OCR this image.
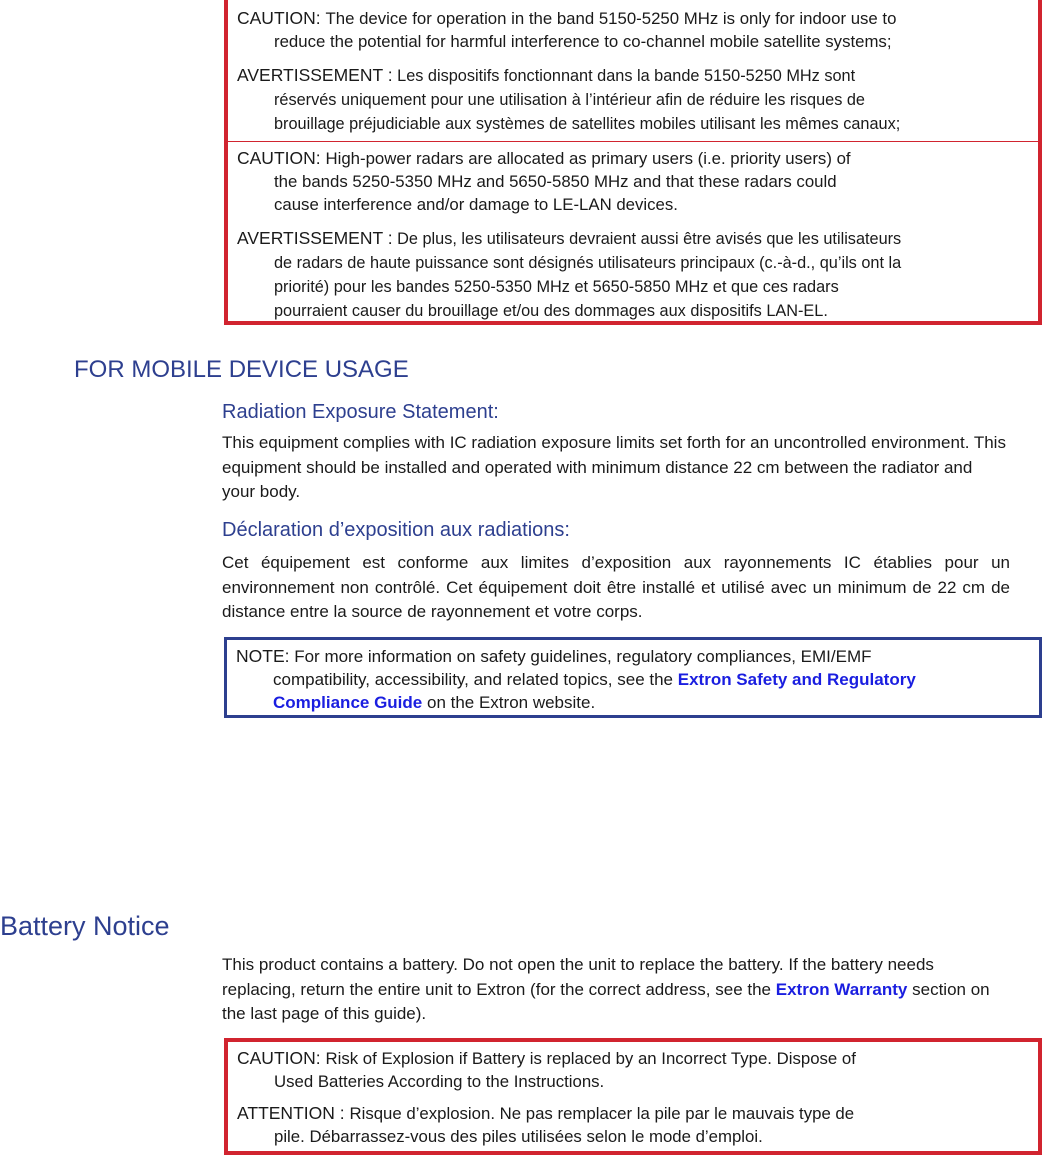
CAUTION: The device for operation in the band 5150-5250 MHz is only for indoor use to
reduce the potential for harmful interference to co-channel mobile satellite systems;
AVERTISSEMENT : Les dispositifs fonctionnant dans la bande 5150-5250 MHz sont
réservés uniquement pour une utilisation à l’intérieur afin de réduire les risques de
brouillage préjudiciable aux systèmes de satellites mobiles utilisant les mêmes canaux;
CAUTION: High-power radars are allocated as primary users (i.e. priority users) of
the bands 5250-5350 MHz and 5650-5850 MHz and that these radars could
cause interference and/or damage to LE-LAN devices.
AVERTISSEMENT : De plus, les utilisateurs devraient aussi être avisés que les utilisateurs
de radars de haute puissance sont désignés utilisateurs principaux (c.-à-d., qu’ils ont la
priorité) pour les bandes 5250-5350 MHz et 5650-5850 MHz et que ces radars
pourraient causer du brouillage et/ou des dommages aux dispositifs LAN-EL.
FOR MOBILE DEVICE USAGE
Radiation Exposure Statement:

This equipment complies with IC radiation exposure limits set forth for an uncontrolled environment. This equipment should be installed and operated with minimum distance 22 cm between the radiator and your body.

Déclaration d’exposition aux radiations:

Cet équipement est conforme aux limites d’exposition aux rayonnements IC établies pour un environnement non contrôlé. Cet équipement doit être installé et utilisé avec un minimum de 22 cm de distance entre la source de rayonnement et votre corps.

NOTE: For more information on safety guidelines, regulatory compliances, EMI/EMF compatibility, accessibility, and related topics, see the Extron Safety and Regulatory Compliance Guide on the Extron website.
Battery Notice

This product contains a battery. Do not open the unit to replace the battery. If the battery needs replacing, return the entire unit to Extron (for the correct address, see the Extron Warranty section on the last page of this guide).

CAUTION: Risk of Explosion if Battery is replaced by an Incorrect Type. Dispose of
Used Batteries According to the Instructions.
ATTENTION : Risque d’explosion. Ne pas remplacer la pile par le mauvais type de
pile. Débarrassez-vous des piles utilisées selon le mode d’emploi.
